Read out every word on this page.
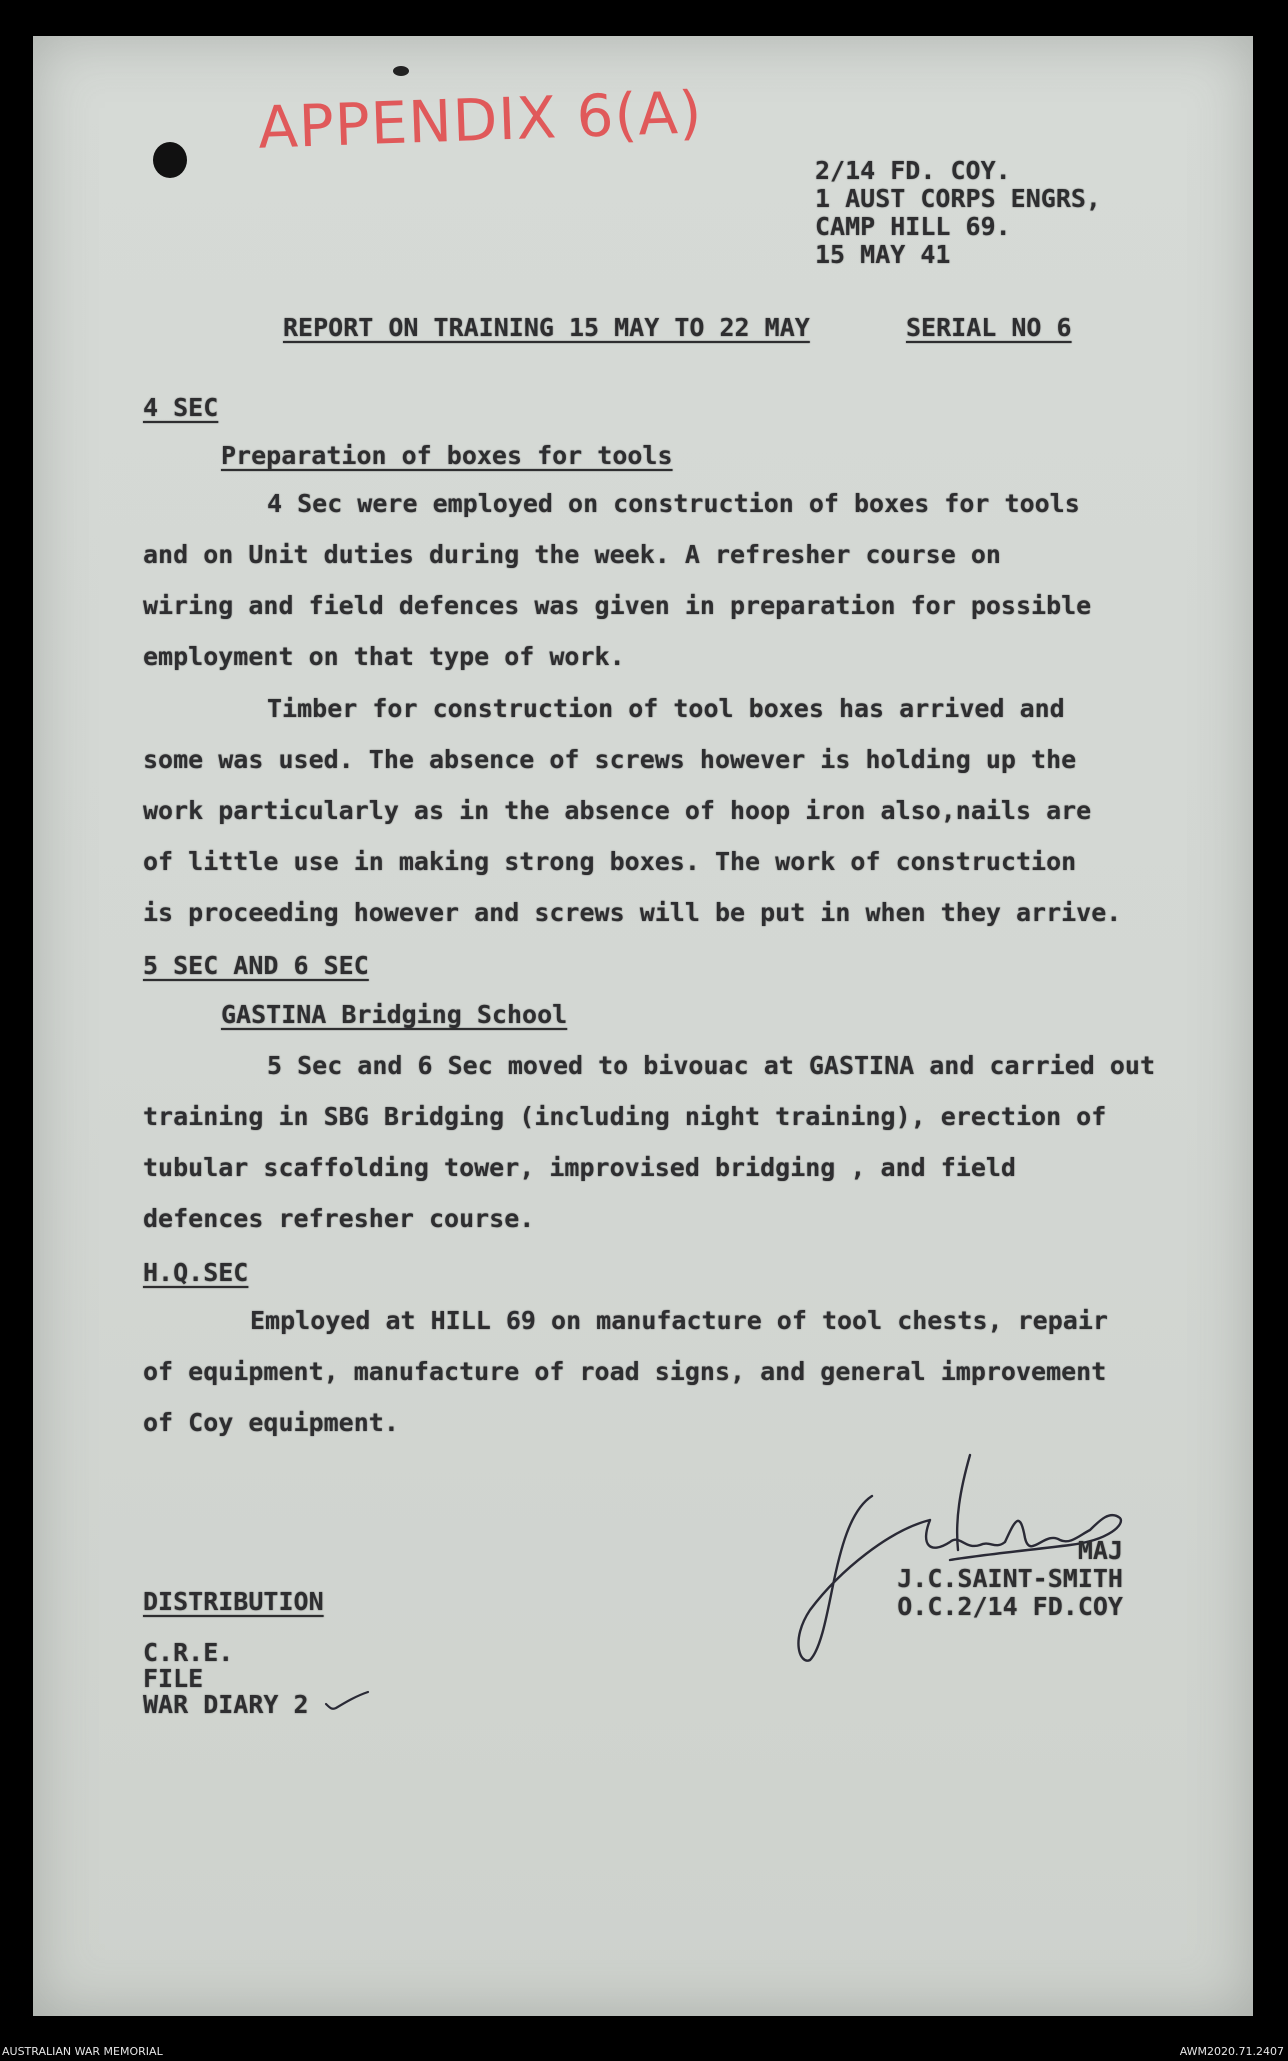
APPENDIX 6(A)

2/14 FD. COY.
1 AUST CORPS ENGRS,
CAMP HILL 69.
15 MAY 41

REPORT ON TRAINING 15 MAY TO 22 MAY	SERIAL NO 6

4 SEC

Preparation of boxes for tools

4 Sec were employed on construction of boxes for tools
and on Unit duties during the week. A refresher course on
wiring and field defences was given in preparation for possible
employment on that type of work.
Timber for construction of tool boxes has arrived and
some was used. The absence of screws however is holding up the
work particularly as in the absence of hoop iron also,nails are
of little use in making strong boxes. The work of construction
is proceeding however and screws will be put in when they arrive.

5 SEC AND 6 SEC

GASTINA Bridging School

5 Sec and 6 Sec moved to bivouac at GASTINA and carried out
training in SBG Bridging (including night training), erection of
tubular scaffolding tower, improvised bridging , and field
defences refresher course.

H.Q.SEC

Employed at HILL 69 on manufacture of tool chests, repair
of equipment, manufacture of road signs, and general improvement
of Coy equipment.
MAJ
J.C.SAINT-SMITH
O.C.2/14 FD.COY

DISTRIBUTION

C.R.E.
FILE
WAR DIARY 2

AUSTRALIAN WAR MEMORIAL	AWM2020.71.2407
